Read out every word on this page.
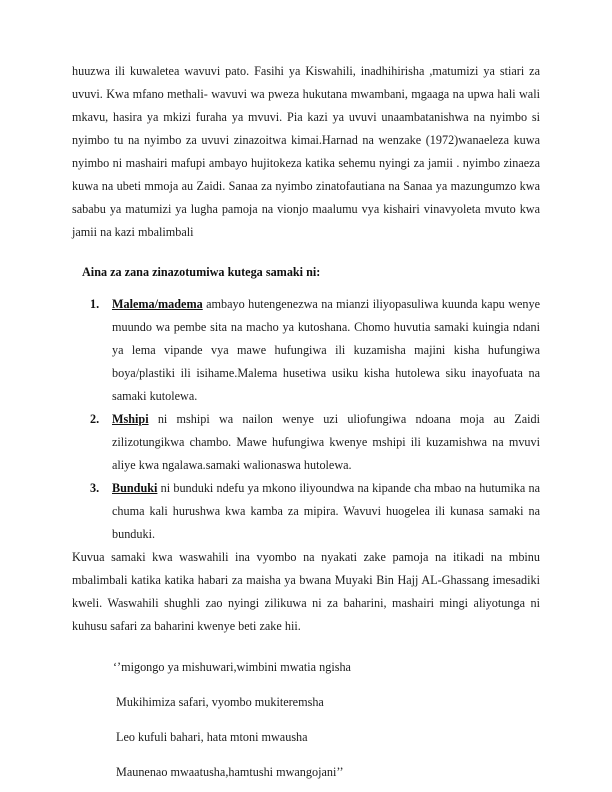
huuzwa ili kuwaletea wavuvi pato. Fasihi ya Kiswahili, inadhihirisha ,matumizi ya stiari za uvuvi. Kwa mfano methali- wavuvi wa pweza hukutana mwambani, mgaaga na upwa hali wali mkavu, hasira ya mkizi furaha ya mvuvi. Pia kazi ya uvuvi unaambatanishwa na nyimbo si nyimbo tu na nyimbo za uvuvi zinazoitwa kimai.Harnad na wenzake (1972)wanaeleza kuwa nyimbo ni mashairi mafupi ambayo hujitokeza katika sehemu nyingi za jamii . nyimbo zinaeza kuwa na ubeti mmoja au Zaidi. Sanaa za nyimbo zinatofautiana na Sanaa ya mazungumzo kwa sababu ya matumizi ya lugha pamoja na vionjo maalumu vya kishairi vinavyoleta mvuto kwa jamii na kazi mbalimbali

Aina za zana zinazotumiwa kutega samaki ni:

1. Malema/madema ambayo hutengenezwa na mianzi iliyopasuliwa kuunda kapu wenye muundo wa pembe sita na macho ya kutoshana. Chomo huvutia samaki kuingia ndani ya lema vipande vya mawe hufungiwa ili kuzamisha majini kisha hufungiwa boya/plastiki ili isihame.Malema husetiwa usiku kisha hutolewa siku inayofuata na samaki kutolewa.
2. Mshipi ni mshipi wa nailon wenye uzi uliofungiwa ndoana moja au Zaidi zilizotungikwa chambo. Mawe hufungiwa kwenye mshipi ili kuzamishwa na mvuvi aliye kwa ngalawa.samaki walionaswa hutolewa.
3. Bunduki ni bunduki ndefu ya mkono iliyoundwa na kipande cha mbao na hutumika na chuma kali hurushwa kwa kamba za mipira. Wavuvi huogelea ili kunasa samaki na bunduki.

Kuvua samaki kwa waswahili ina vyombo na nyakati zake pamoja na itikadi na mbinu mbalimbali katika katika habari za maisha ya bwana Muyaki Bin Hajj AL-Ghassang imesadiki kweli. Waswahili shughli zao nyingi zilikuwa ni za baharini, mashairi mingi aliyotunga ni kuhusu safari za baharini kwenye beti zake hii.

‘’migongo ya mishuwari,wimbini mwatia ngisha

Mukihimiza safari, vyombo mukiteremsha

Leo kufuli bahari, hata mtoni mwausha

Maunenao mwaatusha,hamtushi mwangojani’’
